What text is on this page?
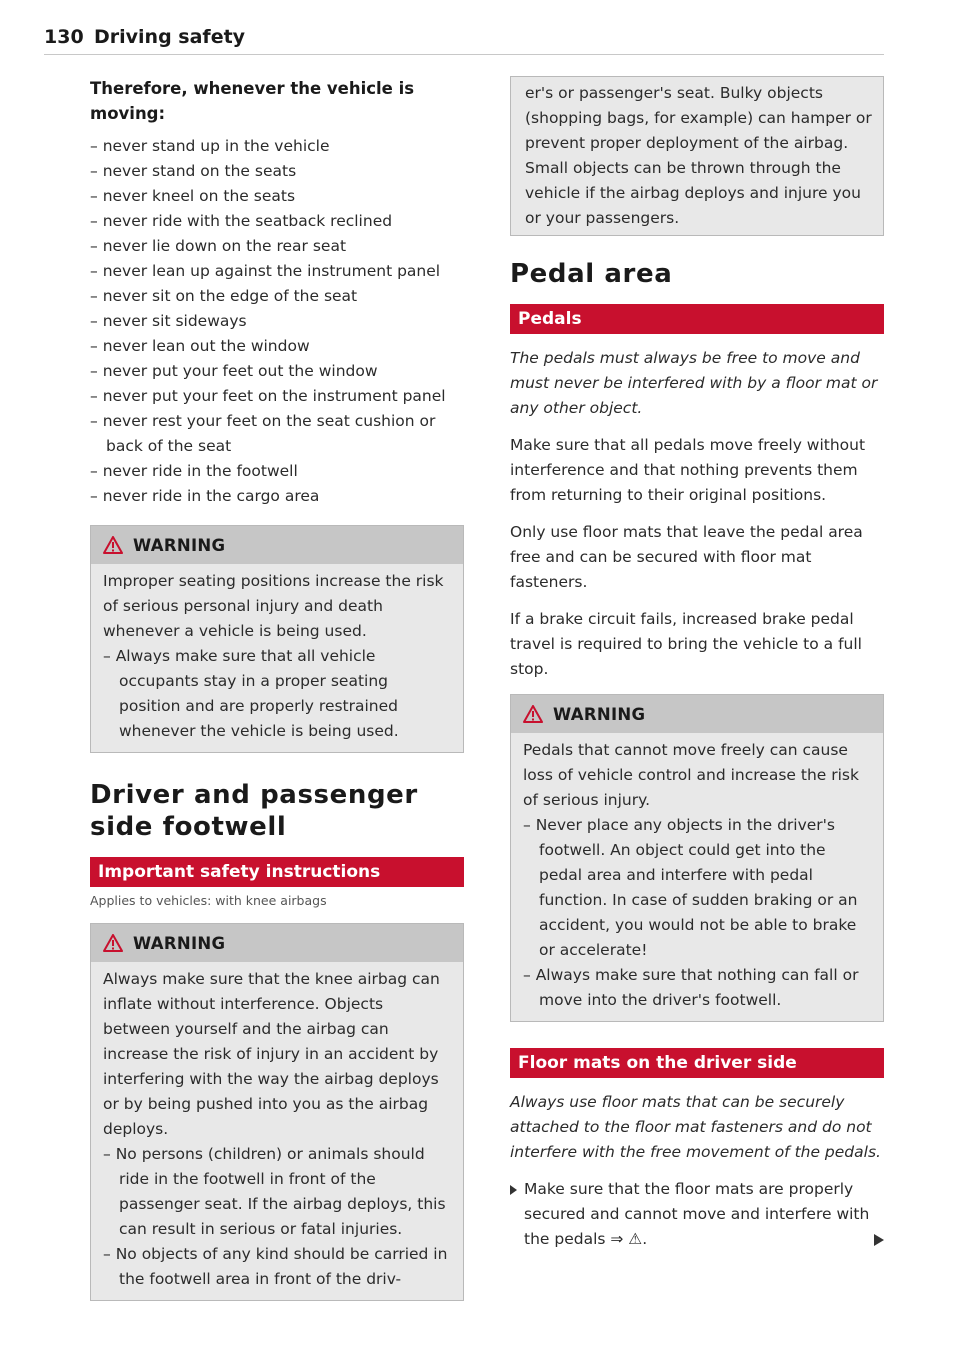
130 Driving safety

Therefore, whenever the vehicle is moving:

– never stand up in the vehicle
– never stand on the seats
– never kneel on the seats
– never ride with the seatback reclined
– never lie down on the rear seat
– never lean up against the instrument panel
– never sit on the edge of the seat
– never sit sideways
– never lean out the window
– never put your feet out the window
– never put your feet on the instrument panel
– never rest your feet on the seat cushion or back of the seat
– never ride in the footwell
– never ride in the cargo area
WARNING

Improper seating positions increase the risk of serious personal injury and death whenever a vehicle is being used.

– Always make sure that all vehicle occupants stay in a proper seating position and are properly restrained whenever the vehicle is being used.
Driver and passenger side footwell
Important safety instructions

Applies to vehicles: with knee airbags

WARNING

Always make sure that the knee airbag can inflate without interference. Objects between yourself and the airbag can increase the risk of injury in an accident by interfering with the way the airbag deploys or by being pushed into you as the airbag deploys.

– No persons (children) or animals should ride in the footwell in front of the passenger seat. If the airbag deploys, this can result in serious or fatal injuries.
– No objects of any kind should be carried in the footwell area in front of the driv-

er's or passenger's seat. Bulky objects (shopping bags, for example) can hamper or prevent proper deployment of the airbag. Small objects can be thrown through the vehicle if the airbag deploys and injure you or your passengers.

Pedal area
Pedals

The pedals must always be free to move and must never be interfered with by a floor mat or any other object.

Make sure that all pedals move freely without interference and that nothing prevents them from returning to their original positions.

Only use floor mats that leave the pedal area free and can be secured with floor mat fasteners.

If a brake circuit fails, increased brake pedal travel is required to bring the vehicle to a full stop.

WARNING

Pedals that cannot move freely can cause loss of vehicle control and increase the risk of serious injury.

– Never place any objects in the driver's footwell. An object could get into the pedal area and interfere with pedal function. In case of sudden braking or an accident, you would not be able to brake or accelerate!
– Always make sure that nothing can fall or move into the driver's footwell.
Floor mats on the driver side

Always use floor mats that can be securely attached to the floor mat fasteners and do not interfere with the free movement of the pedals.

Make sure that the floor mats are properly secured and cannot move and interfere with the pedals ⇒ ⚠.
